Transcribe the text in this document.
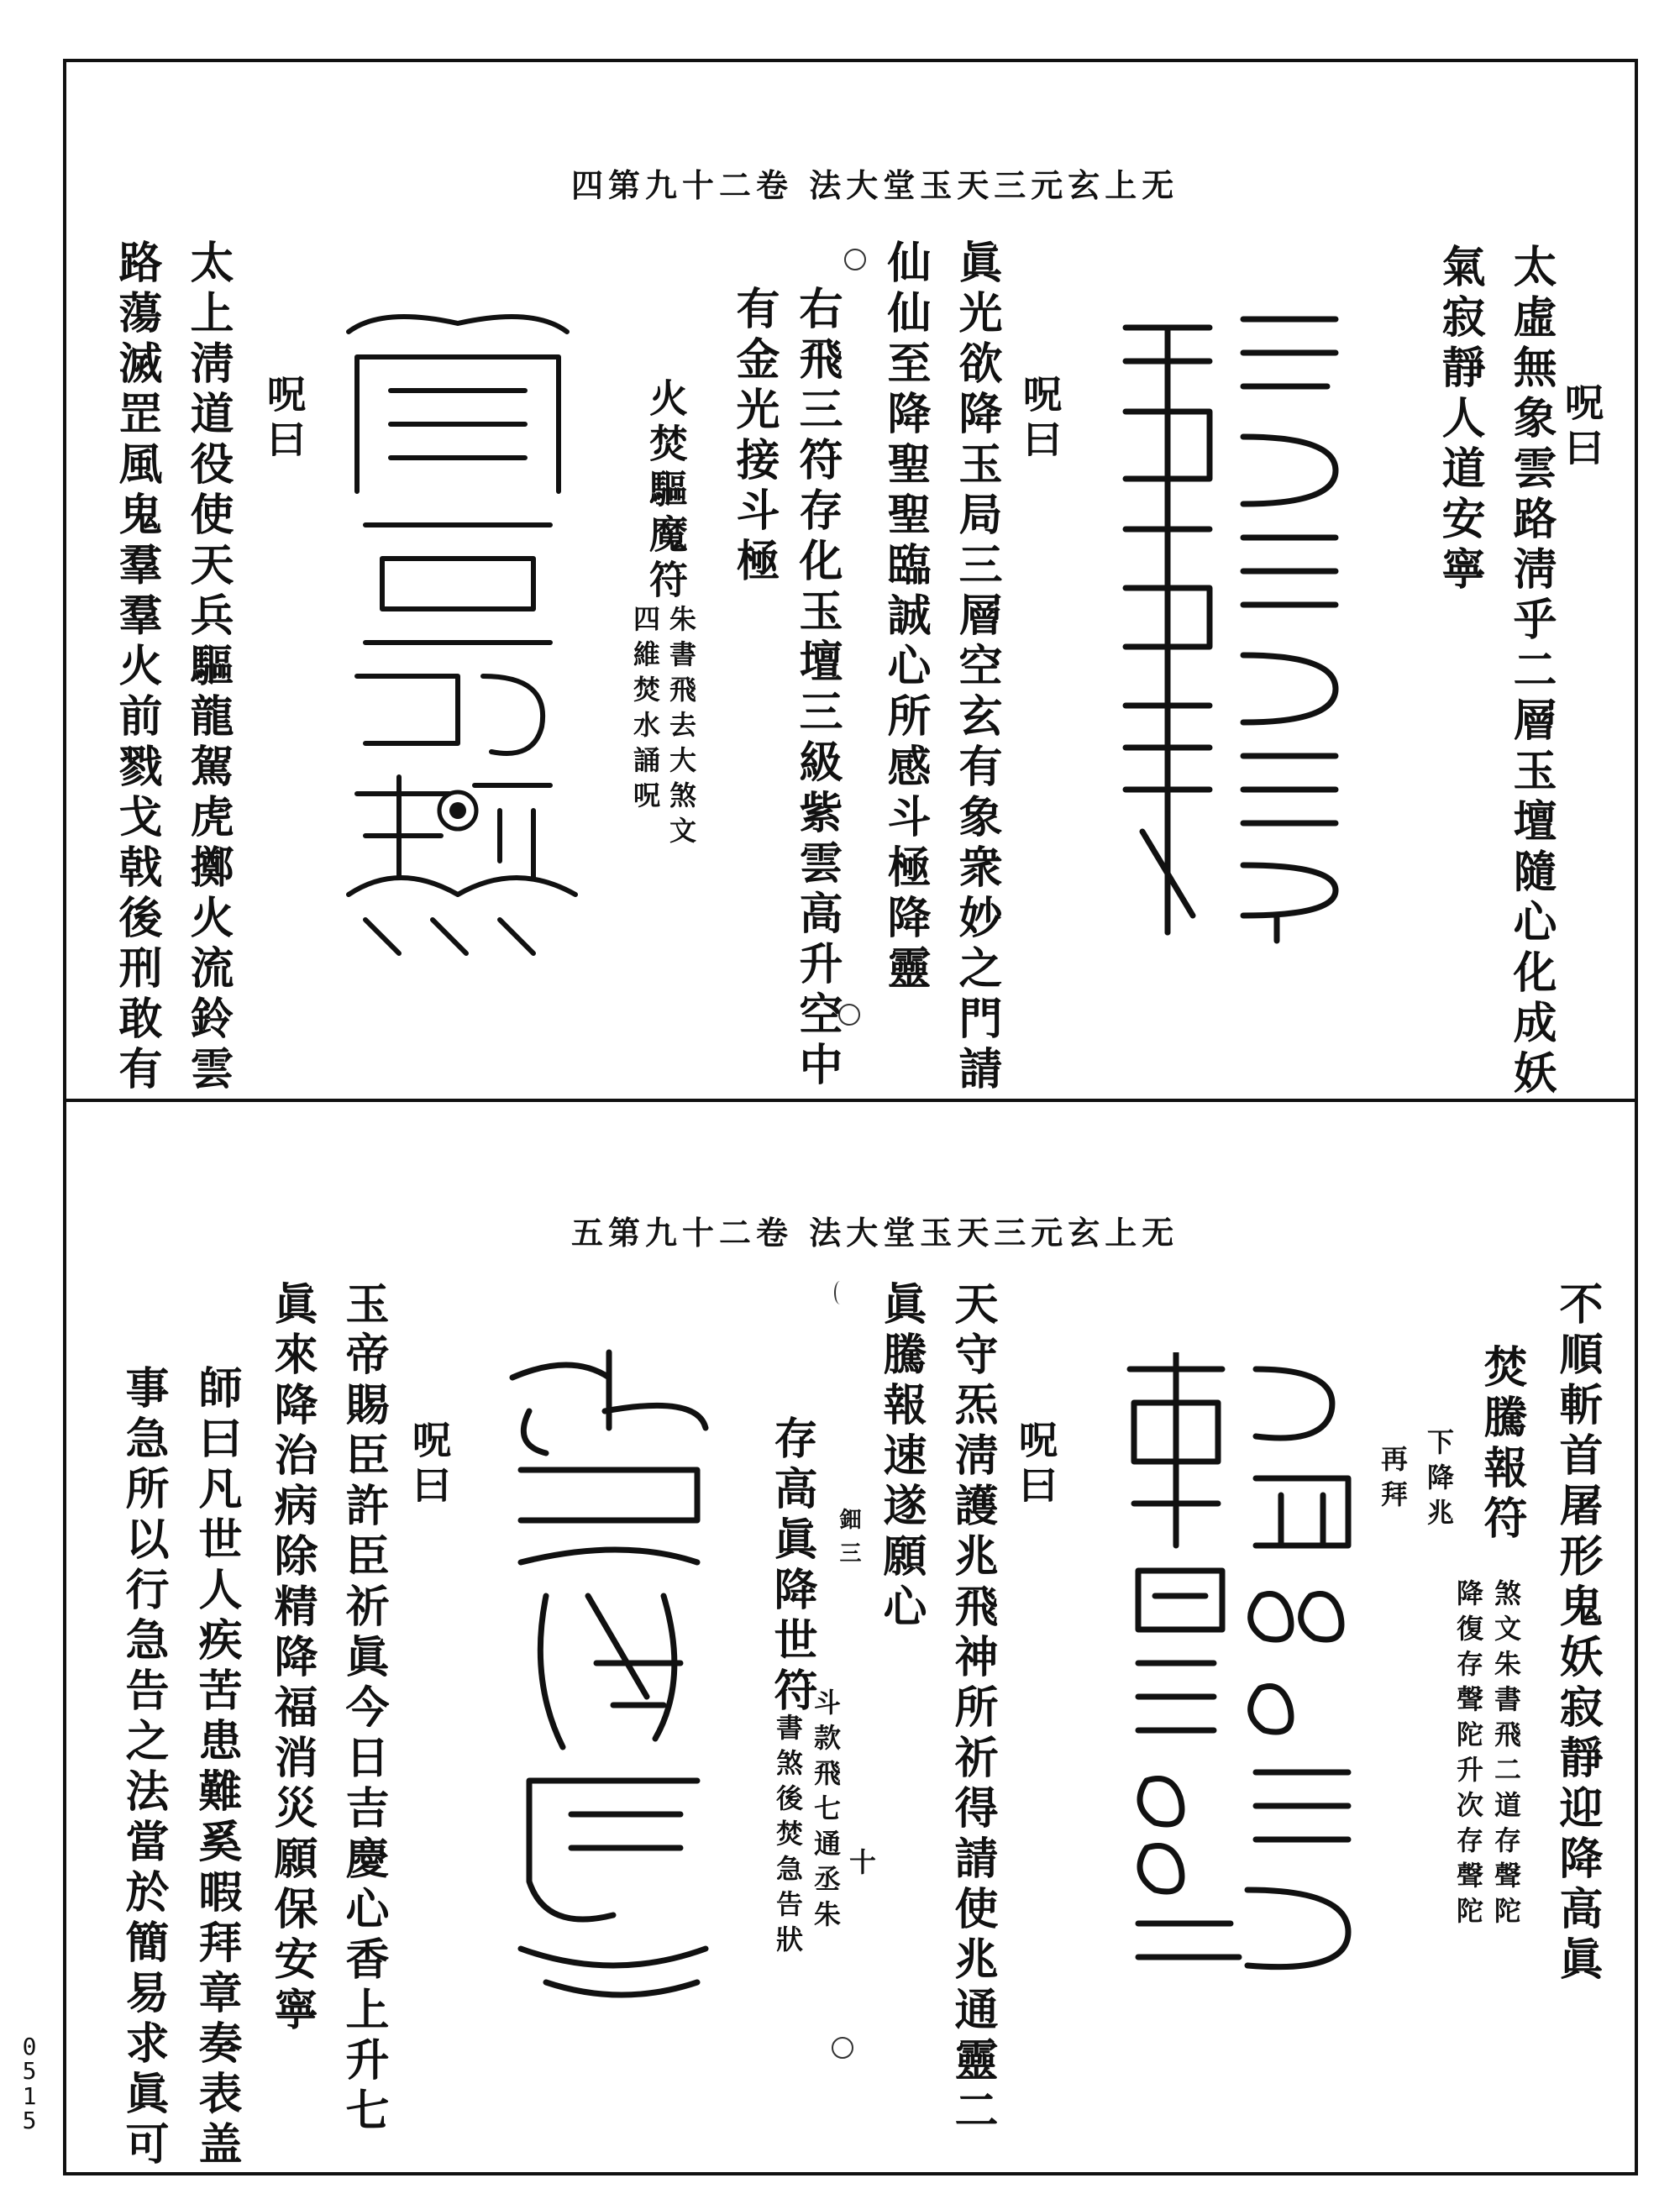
0515
四第九十二卷 法大堂玉天三元玄上无
呪曰
太虛無象雲路淸乎二層玉壇隨心化成妖
氣寂靜人道安寧
呪曰
眞光欲降玉局三層空玄有象衆妙之門請
仙仙至降聖聖臨誠心所感斗極降靈
右飛三符存化玉壇三級紫雲高升空中
有金光接斗極
火焚驅魔符
朱書飛去大煞文
四維焚水誦呪
呪曰
太上淸道役使天兵驅龍駕虎擲火流鈴雲
路蕩滅罡風鬼羣羣火前戮戈戟後刑敢有
五第九十二卷 法大堂玉天三元玄上无
不順斬首屠形鬼妖寂靜迎降高眞
焚騰報符
煞文朱書飛二道存聲陀
降復存聲陀升次存聲陀
下降兆
再拜
呪曰
天守炁淸護兆飛神所祈得請使兆通靈二
眞騰報速遂願心
存高眞降世符 鈿三
斗款飛七通丞朱
書煞後焚急告狀 十
呪曰
玉帝賜臣許臣祈眞今日吉慶心香上升七
眞來降治病除精降福消災願保安寧
師曰凡世人疾苦患難奚暇拜章奏表盖
事急所以行急告之法當於簡易求眞可
